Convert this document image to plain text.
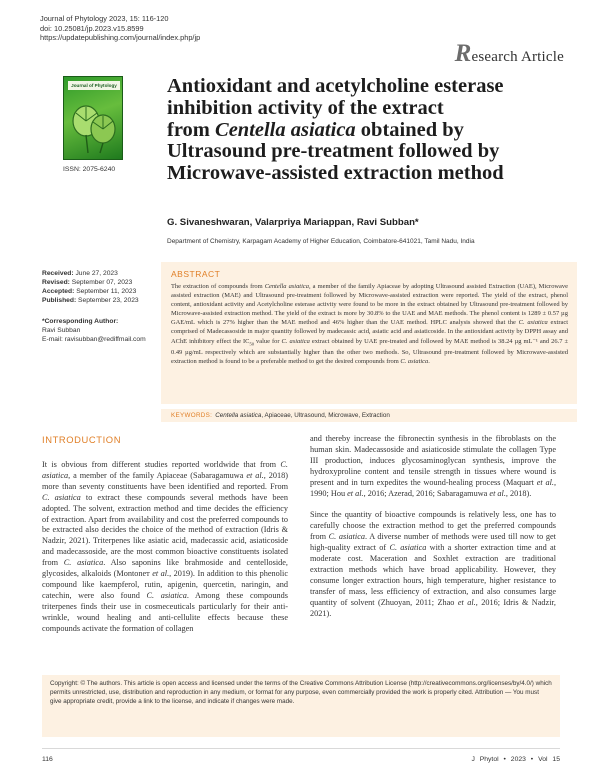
Journal of Phytology 2023, 15: 116-120
doi: 10.25081/jp.2023.v15.8599
https://updatepublishing.com/journal/index.php/jp
Research Article
Journal of Phytology
ISSN: 2075-6240
Antioxidant and acetylcholine esterase
inhibition activity of the extract
from Centella asiatica obtained by
Ultrasound pre-treatment followed by
Microwave-assisted extraction method
G. Sivaneshwaran, Valarpriya Mariappan, Ravi Subban*
Department of Chemistry, Karpagam Academy of Higher Education, Coimbatore-641021, Tamil Nadu, India
Received: June 27, 2023
Revised: September 07, 2023
Accepted: September 11, 2023
Published: September 23, 2023
*Corresponding Author:
Ravi Subban
E-mail: ravisubban@rediffmail.com
ABSTRACT

The extraction of compounds from Centella asiatica, a member of the family Apiaceae by adopting Ultrasound assisted Extraction (UAE), Microwave assisted extraction (MAE) and Ultrasound pre-treatment followed by Microwave-assisted extraction were reported. The yield of the extract, phenol content, antioxidant activity and Acetylcholine esterase activity were found to be more in the extract obtained by Ultrasound pre-treatment followed by Microwave-assisted extraction method. The yield of the extract is more by 30.8% to the UAE and MAE methods. The phenol content is 1289 ± 0.57 µg GAE/mL which is 27% higher than the MAE method and 46% higher than the UAE method. HPLC analysis showed that the C. asiatica extract comprised of Madecassoside in major quantity followed by madecassic acid, asiatic acid and asiaticoside. In the antioxidant activity by DPPH assay and AChE inhibitory effect the $IC_{50}$ value for C. asiatica extract obtained by UAE pre-treated and followed by MAE method is 38.24 µg mL⁻¹ and 26.7 ± 0.49 µg/mL respectively which are substantially higher than the other two methods. So, Ultrasound pre-treatment followed by Microwave-assisted extraction method is found to be a preferable method to get the desired compounds from C. asiatica.

KEYWORDS: Centella asiatica, Apiaceae, Ultrasound, Microwave, Extraction
INTRODUCTION

It is obvious from different studies reported worldwide that from C. asiatica, a member of the family Apiaceae (Sabaragamuwa et al., 2018) more than seventy constituents have been identified and reported. From C. asiatica to extract these compounds several methods have been adopted. The solvent, extraction method and time decides the efficiency of extraction. Apart from availability and cost the preferred compounds to be extracted also decides the choice of the method of extraction (Idris & Nadzir, 2021). Triterpenes like asiatic acid, madecassic acid, asiaticoside and madecassoside, are the most common bioactive constituents isolated from C. asiatica. Also saponins like brahmoside and centelloside, glycosides, alkaloids (Montoneт et al., 2019). In addition to this phenolic compound like kaempferol, rutin, apigenin, quercetin, naringin, and catechin, were also found C. asiatica. Among these compounds triterpenes finds their use in cosmeceuticals particularly for their anti-wrinkle, wound healing and anti-cellulite effects because these compounds activate the formation of collagen

and thereby increase the fibronectin synthesis in the fibroblasts on the human skin. Madecassoside and asiaticoside stimulate the collagen Type III production, induces glycosaminoglycan synthesis, improve the hydroxyproline content and tensile strength in tissues where wound is present and in turn expedites the wound-healing process (Maquart et al., 1990; Hou et al., 2016; Azerad, 2016; Sabaragamuwa et al., 2018).

Since the quantity of bioactive compounds is relatively less, one has to carefully choose the extraction method to get the preferred compounds from C. asiatica. A diverse number of methods were used till now to get high-quality extract of C. asiatica with a shorter extraction time and at moderate cost. Maceration and Soxhlet extraction are traditional extraction methods which have broad applicability. However, they consume longer extraction hours, high temperature, higher resistance to transfer of mass, less efficiency of extraction, and also consumes large quantity of solvent (Zhuoyan, 2011; Zhao et al., 2016; Idris & Nadzir, 2021).

Copyright: © The authors. This article is open access and licensed under the terms of the Creative Commons Attribution License (http://creativecommons.org/licenses/by/4.0/) which permits unrestricted, use, distribution and reproduction in any medium, or format for any purpose, even commercially provided the work is properly cited. Attribution — You must give appropriate credit, provide a link to the license, and indicate if changes were made.
116	J Phytol • 2023 • Vol 15
